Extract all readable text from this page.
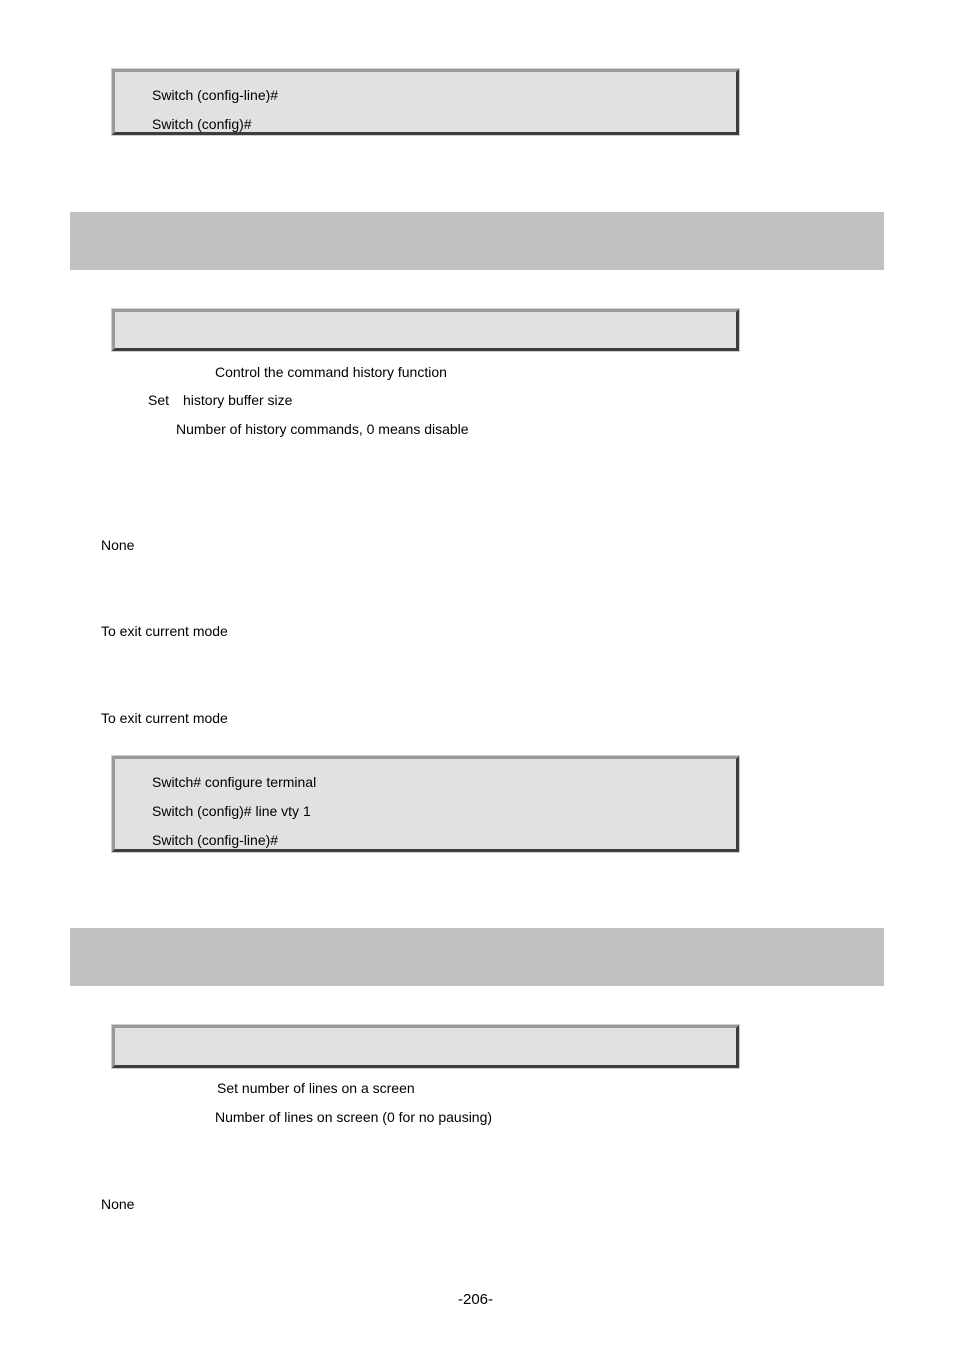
Switch (config-line)#
Switch (config)#
Control the command history function
Set history buffer size
Number of history commands, 0 means disable
None
To exit current mode
To exit current mode
Switch# configure terminal
Switch (config)# line vty 1
Switch (config-line)#
Set number of lines on a screen
Number of lines on screen (0 for no pausing)
None
-206-
